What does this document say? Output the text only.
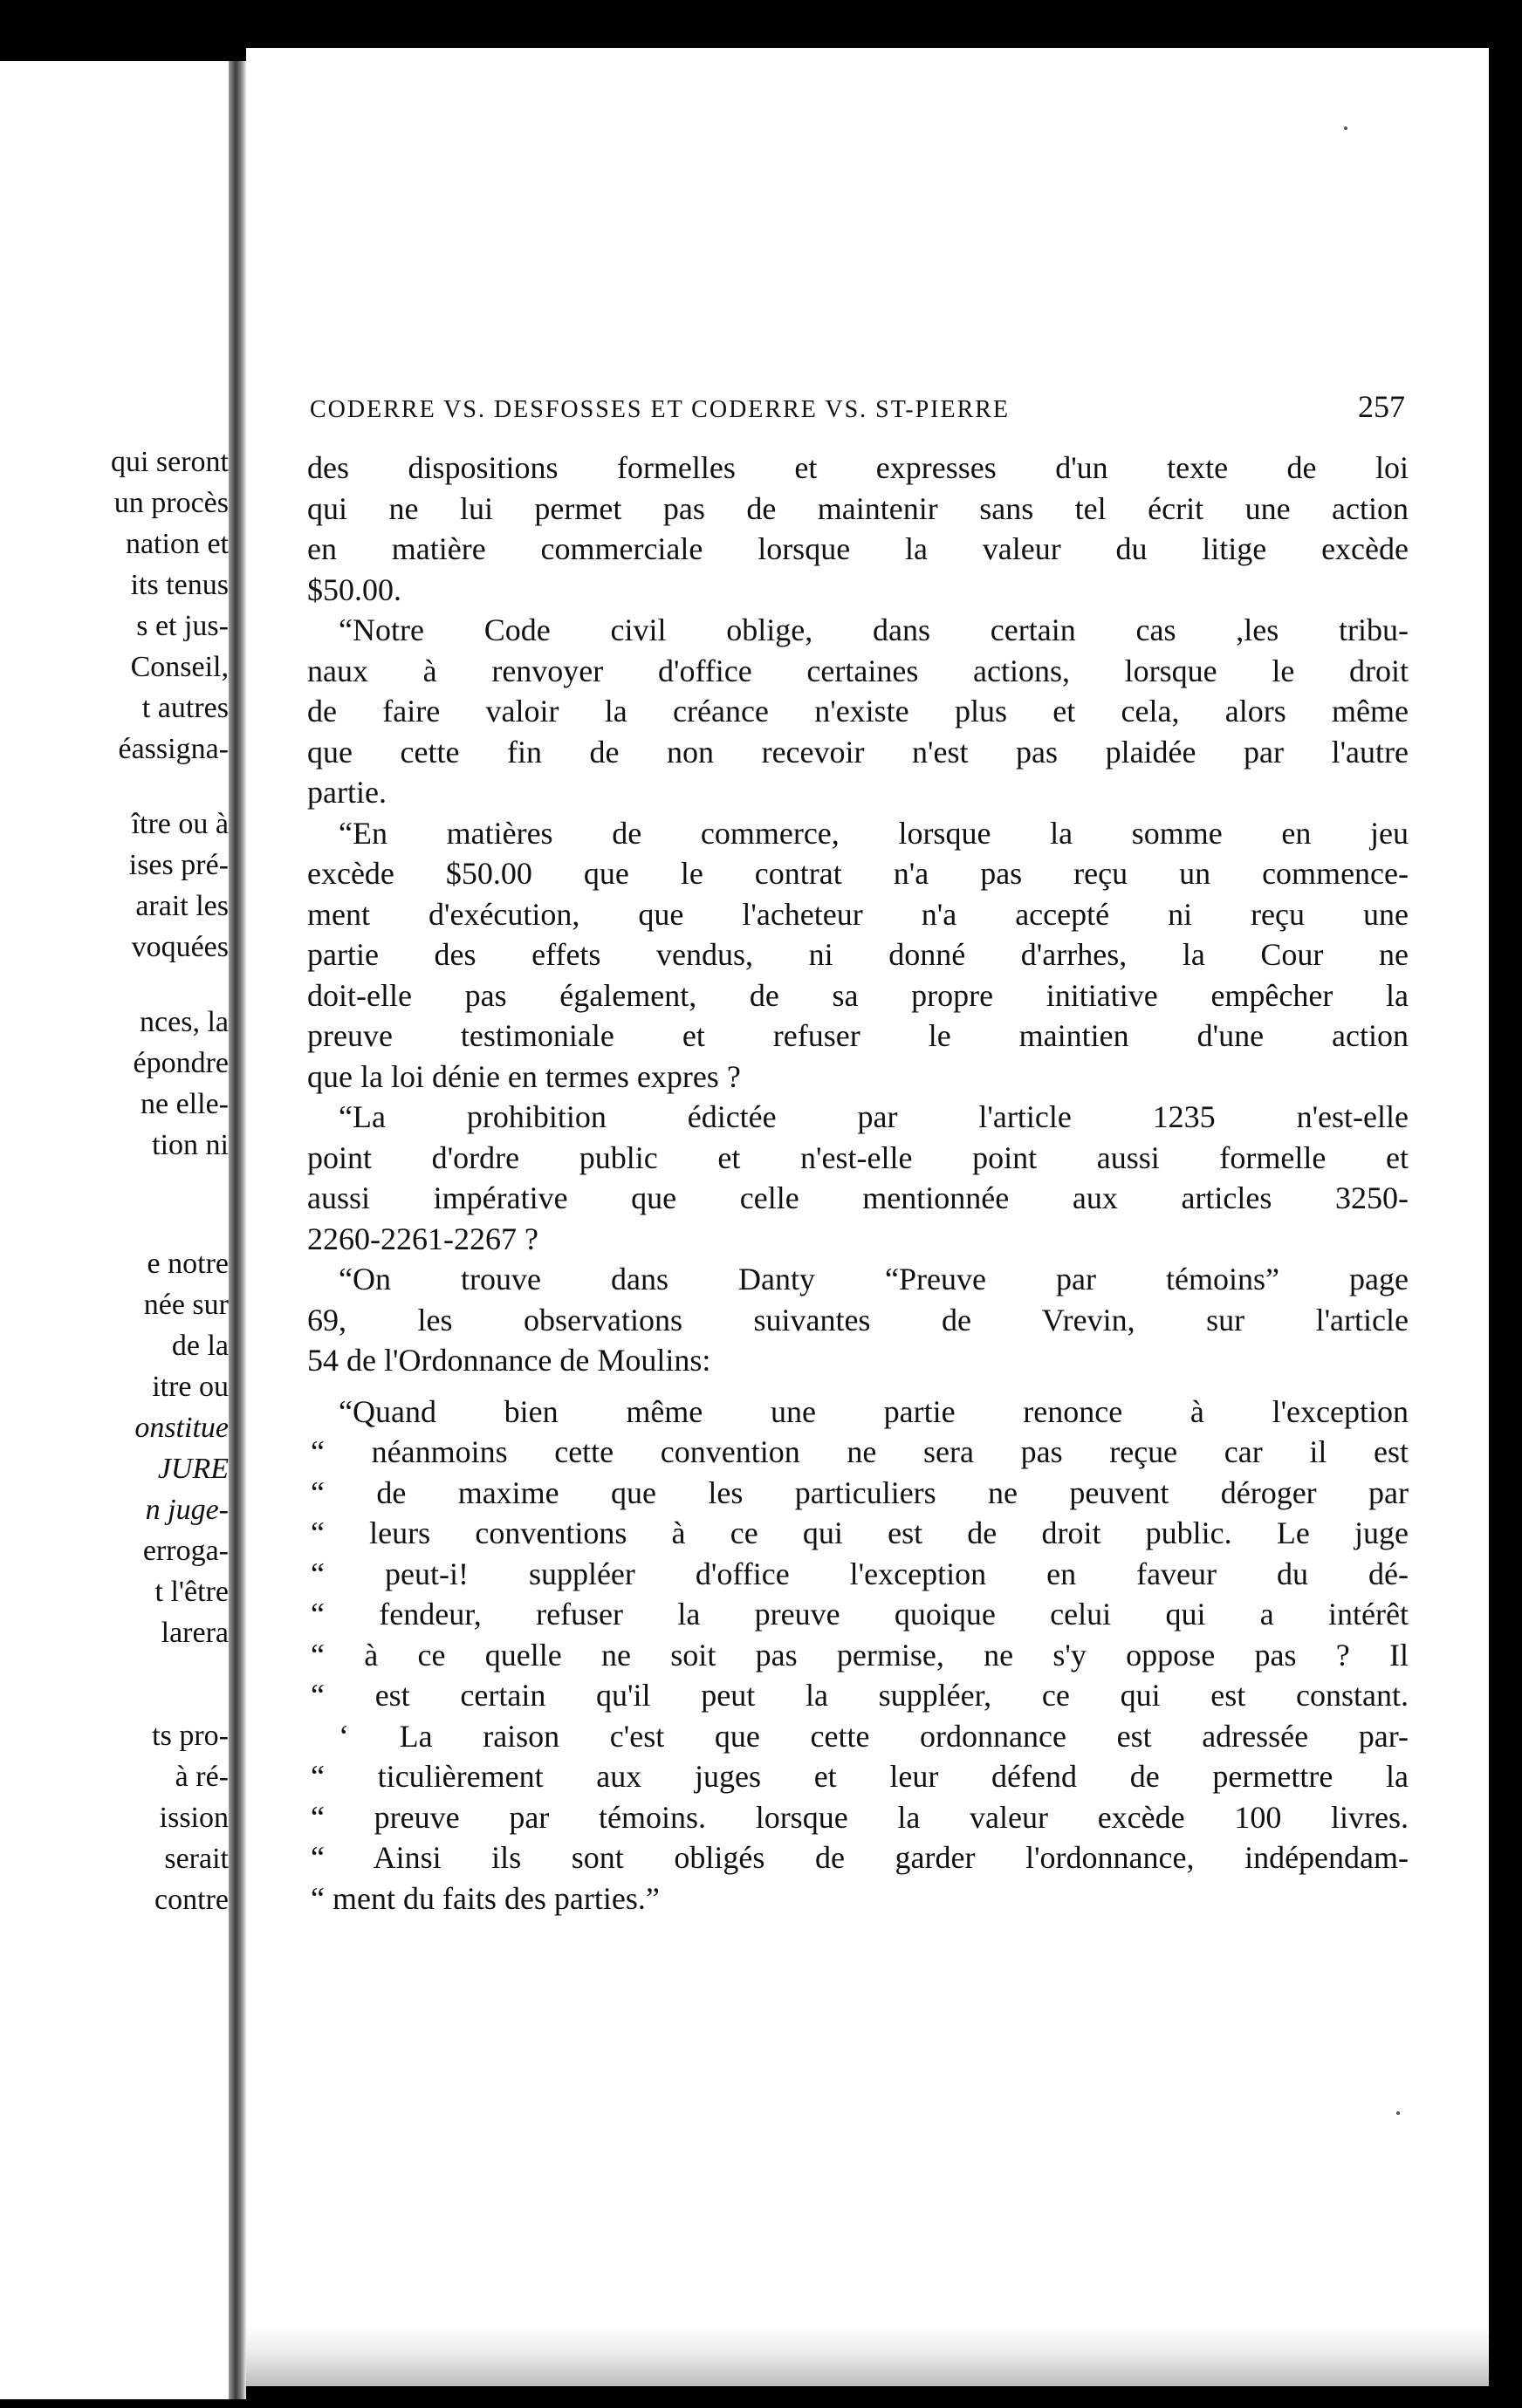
qui seront
un procès
nation et
its tenus
s et jus-
Conseil,
t autres
éassigna-
ître ou à
ises pré-
arait les
voquées
nces, la
épondre
ne elle-
tion ni
e notre
née sur
de la
itre ou
onstitue
JURE
n juge-
erroga-
t l'être
larera
ts pro-
à ré-
ission
serait
contre
CODERRE VS. DESFOSSES ET CODERRE VS. ST-PIERRE	257
des dispositions formelles et expresses d'un texte de loi
qui ne lui permet pas de maintenir sans tel écrit une action
en matière commerciale lorsque la valeur du litige excède
$50.00.
“Notre Code civil oblige, dans certain cas ,les tribu-
naux à renvoyer d'office certaines actions, lorsque le droit
de faire valoir la créance n'existe plus et cela, alors même
que cette fin de non recevoir n'est pas plaidée par l'autre
partie.
“En matières de commerce, lorsque la somme en jeu
excède $50.00 que le contrat n'a pas reçu un commence-
ment d'exécution, que l'acheteur n'a accepté ni reçu une
partie des effets vendus, ni donné d'arrhes, la Cour ne
doit-elle pas également, de sa propre initiative empêcher la
preuve testimoniale et refuser le maintien d'une action
que la loi dénie en termes expres ?
“La prohibition édictée par l'article 1235 n'est-elle
point d'ordre public et n'est-elle point aussi formelle et
aussi impérative que celle mentionnée aux articles 3250-
2260-2261-2267 ?
“On trouve dans Danty “Preuve par témoins” page
69, les observations suivantes de Vrevin, sur l'article
54 de l'Ordonnance de Moulins:
“Quand bien même une partie renonce à l'exception
“ néanmoins cette convention ne sera pas reçue car il est
“ de maxime que les particuliers ne peuvent déroger par
“ leurs conventions à ce qui est de droit public. Le juge
“ peut-i! suppléer d'office l'exception en faveur du dé-
“ fendeur, refuser la preuve quoique celui qui a intérêt
“ à ce quelle ne soit pas permise, ne s'y oppose pas ? Il
“ est certain qu'il peut la suppléer, ce qui est constant.
‘ La raison c'est que cette ordonnance est adressée par-
“ ticulièrement aux juges et leur défend de permettre la
“ preuve par témoins. lorsque la valeur excède 100 livres.
“ Ainsi ils sont obligés de garder l'ordonnance, indépendam-
“ ment du faits des parties.”
